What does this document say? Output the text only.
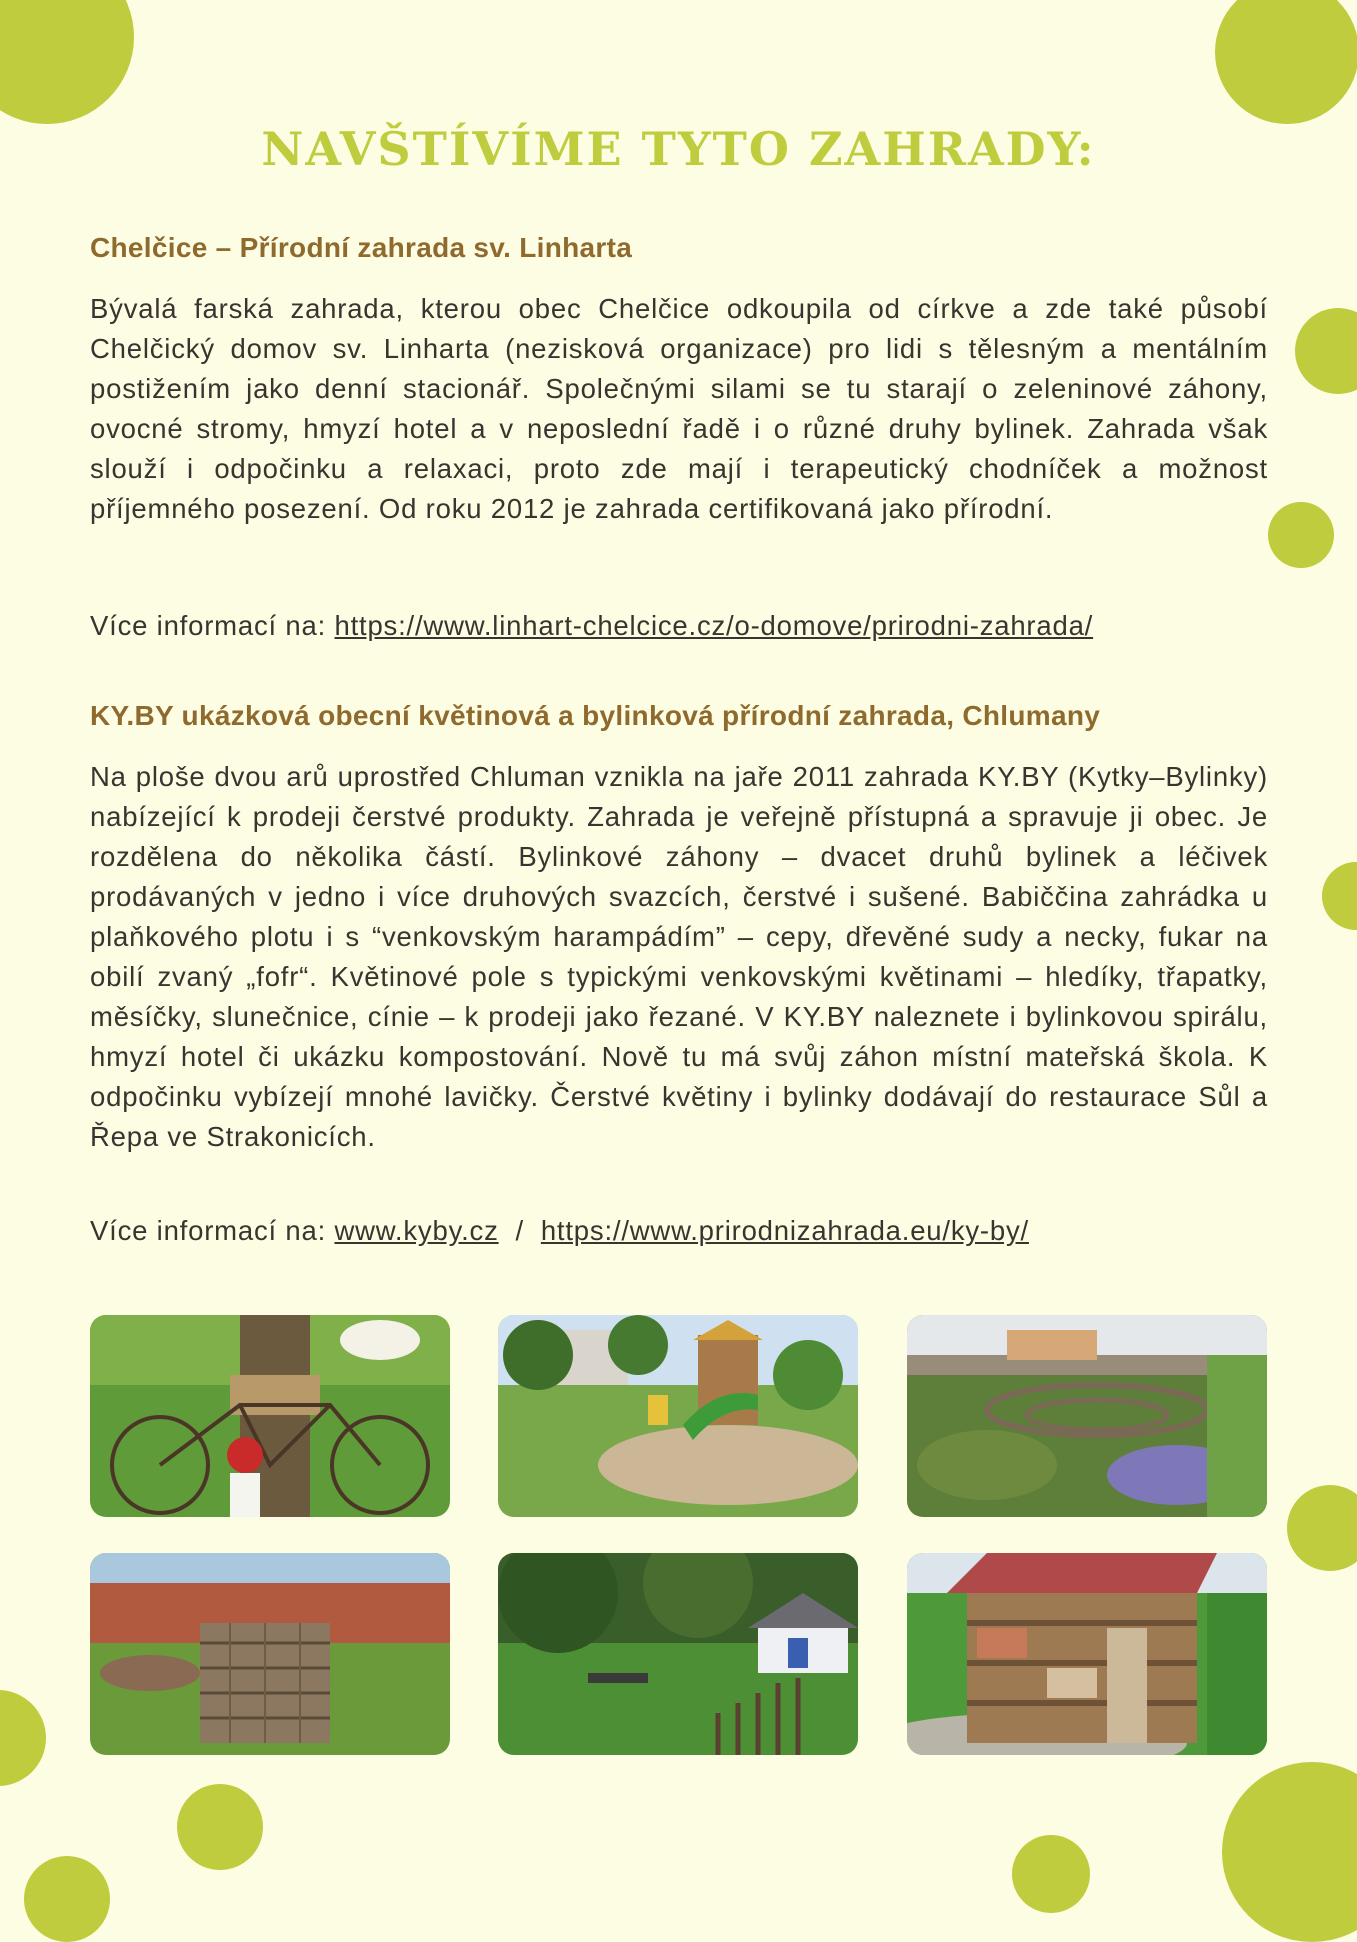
NAVŠTÍVÍME TYTO ZAHRADY:
Chelčice – Přírodní zahrada sv. Linharta

Bývalá farská zahrada, kterou obec Chelčice odkoupila od církve a zde také působí Chelčický domov sv. Linharta (nezisková organizace) pro lidi s tělesným a mentálním postižením jako denní stacionář. Společnými silami se tu starají o zeleninové záhony, ovocné stromy, hmyzí hotel a v neposlední řadě i o různé druhy bylinek. Zahrada však slouží i odpočinku a relaxaci, proto zde mají i terapeutický chodníček a možnost příjemného posezení. Od roku 2012 je zahrada certifikovaná jako přírodní.

Více informací na: https://www.linhart-chelcice.cz/o-domove/prirodni-zahrada/

KY.BY ukázková obecní květinová a bylinková přírodní zahrada, Chlumany

Na ploše dvou arů uprostřed Chluman vznikla na jaře 2011 zahrada KY.BY (Kytky–Bylinky) nabízející k prodeji čerstvé produkty. Zahrada je veřejně přístupná a spravuje ji obec. Je rozdělena do několika částí. Bylinkové záhony – dvacet druhů bylinek a léčivek prodávaných v jedno i více druhových svazcích, čerstvé i sušené. Babiččina zahrádka u plaňkového plotu i s “venkovským harampádím” – cepy, dřevěné sudy a necky, fukar na obilí zvaný „fofr“. Květinové pole s typickými venkovskými květinami – hledíky, třapatky, měsíčky, slunečnice, cínie – k prodeji jako řezané. V KY.BY naleznete i bylinkovou spirálu, hmyzí hotel či ukázku kompostování. Nově tu má svůj záhon místní mateřská škola. K odpočinku vybízejí mnohé lavičky. Čerstvé květiny i bylinky dodávají do restaurace Sůl a Řepa ve Strakonicích.

Více informací na: www.kyby.cz  /  https://www.prirodnizahrada.eu/ky-by/
